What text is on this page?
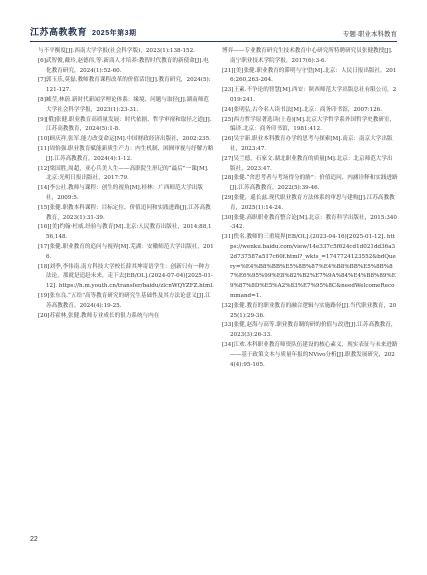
江苏高教教育 2025年第3期	专题·职业本科教育

与不平衡度[J].西南大学学报(社会科学版)，2023(1):138-152.

[6]武智俊,戴玲,赵德伟,等.新商人才培养:教智时代教育的新使命[J].电化教育研究，2024(1):52-60.

[7]郭玉乐,莫磊.教师教育课程改革的价值话语[J].教育研究，2024(5):121-127.

[8]臧莹,林蔚.新时代新闻学理论体系：缘境、问题与取径[J].湖南师范大学社会科学学报，2023(1):23-31.

[9][俄]张健.职业教育高质量发展：时代依据、哲学审视和取径之道[J].江苏高教教育，2024(5):1-8.

[10]顾庆祥,张军.能力改变命运[M].中国财政经济出版社，2002:235.

[11]周怡强.职业教育赋能新质生产力：内生机制、困囿审视与纾解方略[J].江苏高教教育，2024(4):1-12.

[12]梁国胜,周超，亚心兵美人生——高职院生形记的“最后”一课[M].北京:光明日报出版社，2017:79.

[14]李公社.教师与课程：创生的视角[M].桂林：广西师范大学出版社，2009:5.

[15]张健.职教本科课程：目标定位、价值追问和实践进路[J].江苏高教教育，2023(1):31-39.

[16][美]约翰·杜威.经验与教育[M].北京:人民教育出版社，2014:88,156,148.

[17]张健.职业教育的追问与视界[M].芜湖：安徽师范大学出版社，2016.

[18]刘季,李伟南.南方科技大学校长薛其坤寄语学生：创新只有一种方法论，那就是追赶未来，走下去[EB/OL].(2024-07-04)[2025-01-12]. https://h.m.youth.cn/transfer/baidu/zlcnWQYZFZ.html.

[19]张东良.“五给”高等教育研究的研究生基础性及其方法论意义[J].江苏高教教育，2024(4):19-25.

[20]苏霍林,张健.教师专业成长的很力系统与内在

博弈——专业教育研究生技术教育中心研究所特聘研究员张健教授[J].南宁职业技术学院学报，2017(6):3-6.

[21][美]张健.职业教育的滞明与守望[M].北京：人民日报出版社，2016:260,263-264.

[23]王素.不争论的智慧[M].西安：陕西师范大学出版总社有限公司，2019:241.

[24]张明弘,古今名人读书法[M].北京：商务印书馆，2007:126.

[25]西方哲学原著选读(上卷)[M].北京大学哲学系外国哲学史教研室，编译.北京：商务印书馆，1981:412.

[26]吴宇新.职业本科教育办学的思考与探索[M].南京：南京大学出版社，2023:47.

[27]吴兰德，石家文.湖北职业教育的质量[M].北京：北京师范大学出版社，2023:47.

[28]张健.“舍思考者与考场得分的胁”：价值追问、内涵诠释和实践进路[J].江苏高教教育，2022(5):39-46.

[29]张健，遥长兹.现代职业教育方法体系的审思与建构[J].江苏高教教育，2025(1):14-24.

[30]张健.高职职业教育整合论[M].北京：教育科学出版社，2015:340-342.

[31]佚名.教师的三重境界[EB/OL].(2023-04-16)[2025-01-12]. https://wenku.baidu.com/view/14e337c5f624cd1d021dd36a32d737587a517c60f.html?_wkts_=1747724123552&bdQuery=%E4%B8%BB%E5%8B%87%E4%B8%BB%E5%8B%87%E6%95%99%E8%82%B2%E7%9A%84%E4%B8%89%E9%87%8D%E5%A2%83%E7%95%8C&needWelcomeRecommand=1.

[32]张健.教育的职业教育的融合逻辑与实施路径[J].当代职业教育，2025(1):29-36.

[33]张健,赵海与高等.职业教育制的研的价值与改进[J].江苏高教教育，2023(3):26-33.

[34]江欢.本科职业教育师资队伍建设的核心素义、现实表征与未来进路——基于政策文本与质量年报的NVivo分析[J].职教发展研究，2024(4):95-105.

22
